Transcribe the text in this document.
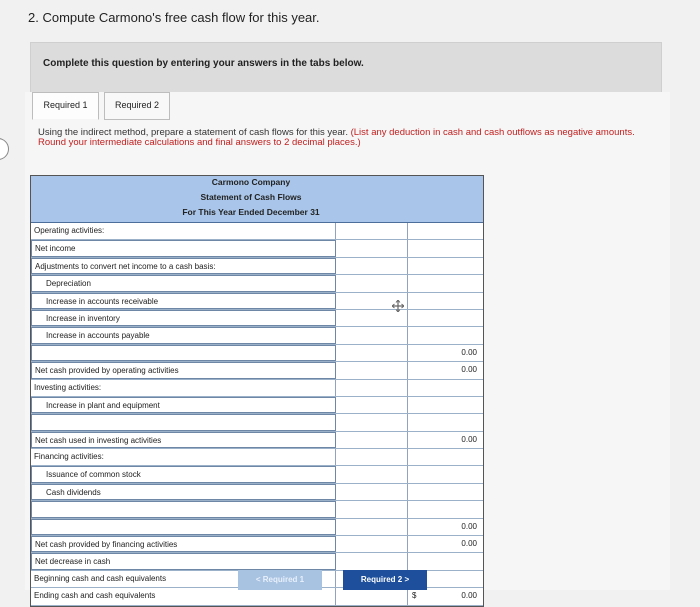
2. Compute Carmono's free cash flow for this year.
Complete this question by entering your answers in the tabs below.
Required 1	Required 2
Using the indirect method, prepare a statement of cash flows for this year. (List any deduction in cash and cash outflows as negative amounts. Round your intermediate calculations and final answers to 2 decimal places.)
Carmono Company
Statement of Cash Flows
For This Year Ended December 31
Operating activities:
Net income
Adjustments to convert net income to a cash basis:
Depreciation
Increase in accounts receivable
Increase in inventory
Increase in accounts payable
0.00
Net cash provided by operating activities	0.00
Investing activities:
Increase in plant and equipment
Net cash used in investing activities	0.00
Financing activities:
Issuance of common stock
Cash dividends
0.00
Net cash provided by financing activities	0.00
Net decrease in cash
Beginning cash and cash equivalents
Ending cash and cash equivalents	$	0.00
< Required 1	Required 2 >
